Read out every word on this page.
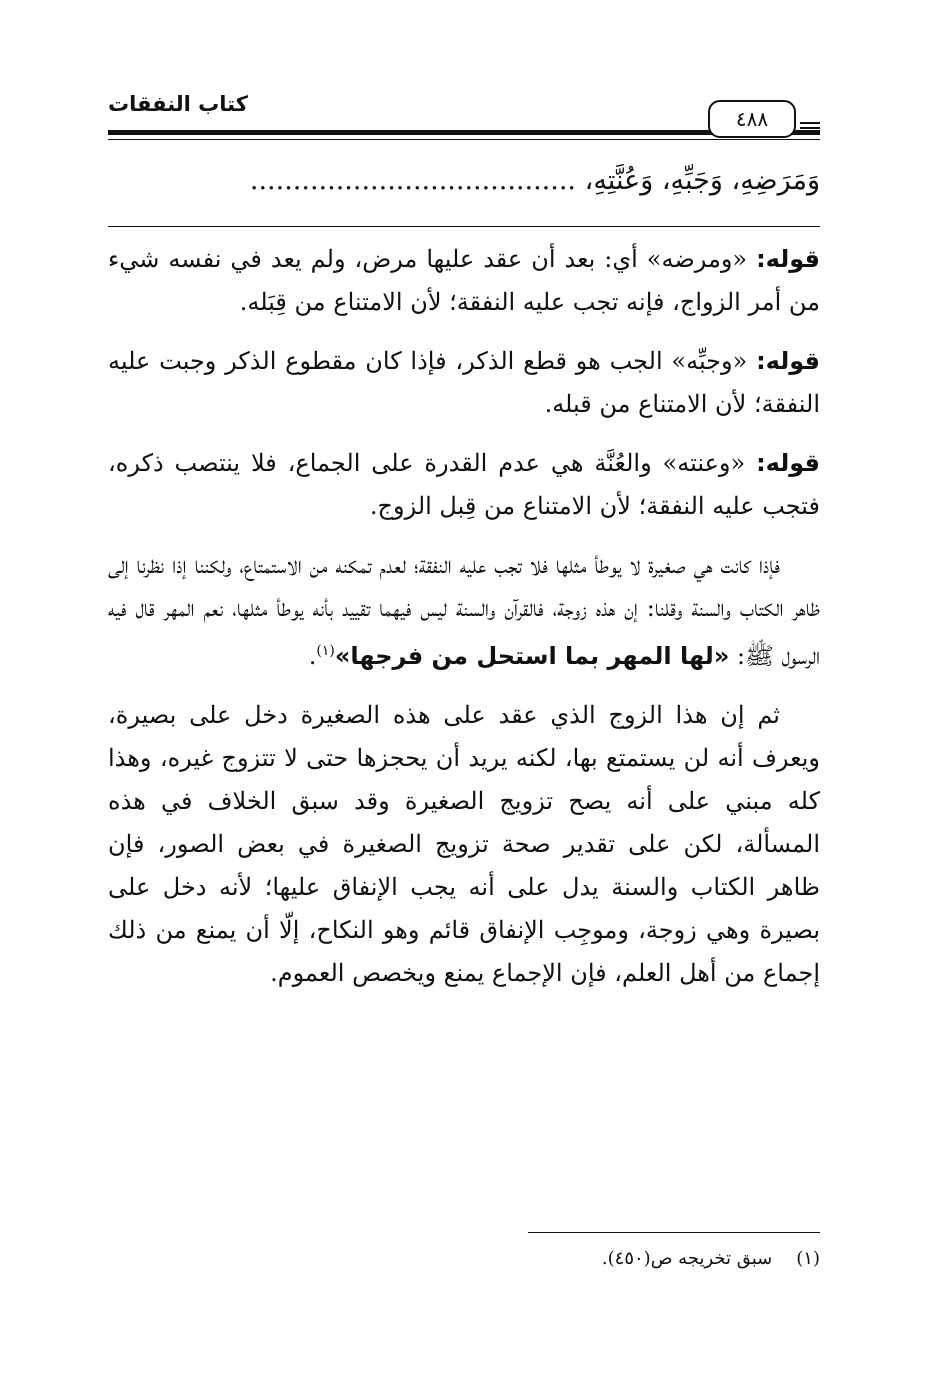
كتاب النفقات
٤٨٨
وَمَرَضِهِ، وَجَبِّهِ، وَعُنَّتِهِ، ......................................

قوله: «ومرضه» أي: بعد أن عقد عليها مرض، ولم يعد في نفسه شيء من أمر الزواج، فإنه تجب عليه النفقة؛ لأن الامتناع من قِبَله.

قوله: «وجبِّه» الجب هو قطع الذكر، فإذا كان مقطوع الذكر وجبت عليه النفقة؛ لأن الامتناع من قبله.

قوله: «وعنته» والعُنَّة هي عدم القدرة على الجماع، فلا ينتصب ذكره، فتجب عليه النفقة؛ لأن الامتناع من قِبل الزوج.

فإذا كانت هي صغيرة لا يوطأ مثلها فلا تجب عليه النفقة؛ لعدم تمكنه من الاستمتاع، ولكننا إذا نظرنا إلى ظاهر الكتاب والسنة وقلنا: إن هذه زوجة، فالقرآن والسنة ليس فيهما تقييد بأنه يوطأ مثلها، نعم المهر قال فيه الرسول ﷺ: «لها المهر بما استحل من فرجها»$^{(١)}$.

ثم إن هذا الزوج الذي عقد على هذه الصغيرة دخل على بصيرة، ويعرف أنه لن يستمتع بها، لكنه يريد أن يحجزها حتى لا تتزوج غيره، وهذا كله مبني على أنه يصح تزويج الصغيرة وقد سبق الخلاف في هذه المسألة، لكن على تقدير صحة تزويج الصغيرة في بعض الصور، فإن ظاهر الكتاب والسنة يدل على أنه يجب الإنفاق عليها؛ لأنه دخل على بصيرة وهي زوجة، وموجِب الإنفاق قائم وهو النكاح، إلّا أن يمنع من ذلك إجماع من أهل العلم، فإن الإجماع يمنع ويخصص العموم.

(١)سبق تخريجه ص(٤٥٠).
